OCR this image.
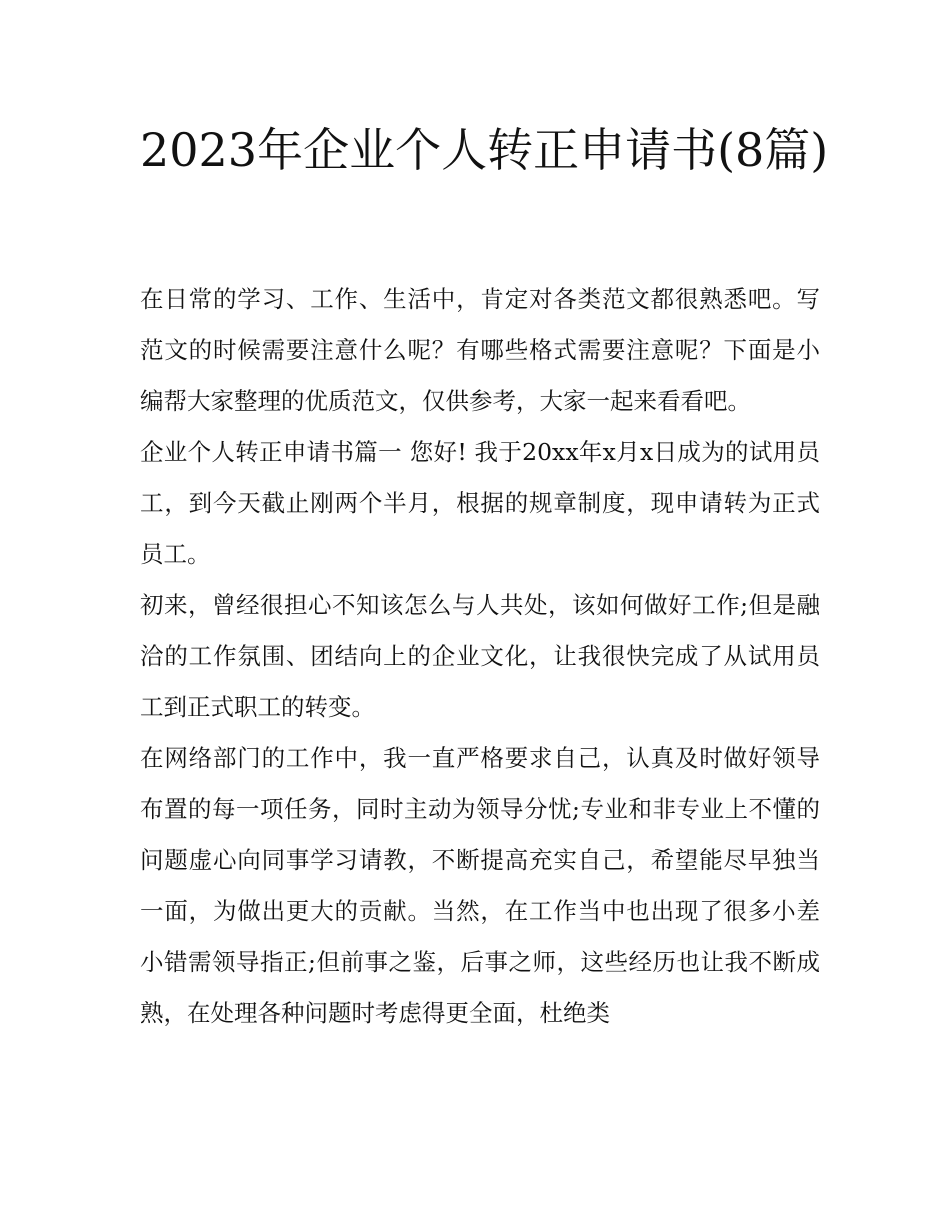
2023年企业个人转正申请书(8篇)

在日常的学习、工作、生活中，肯定对各类范文都很熟悉吧。写范文的时候需要注意什么呢？有哪些格式需要注意呢？下面是小编帮大家整理的优质范文，仅供参考，大家一起来看看吧。

企业个人转正申请书篇一 您好! 我于20xx年x月x日成为的试用员工，到今天截止刚两个半月，根据的规章制度，现申请转为正式员工。

初来，曾经很担心不知该怎么与人共处，该如何做好工作;但是融洽的工作氛围、团结向上的企业文化，让我很快完成了从试用员工到正式职工的转变。

在网络部门的工作中，我一直严格要求自己，认真及时做好领导布置的每一项任务，同时主动为领导分忧;专业和非专业上不懂的问题虚心向同事学习请教，不断提高充实自己，希望能尽早独当一面，为做出更大的贡献。当然，在工作当中也出现了很多小差小错需领导指正;但前事之鉴，后事之师，这些经历也让我不断成熟，在处理各种问题时考虑得更全面，杜绝类
